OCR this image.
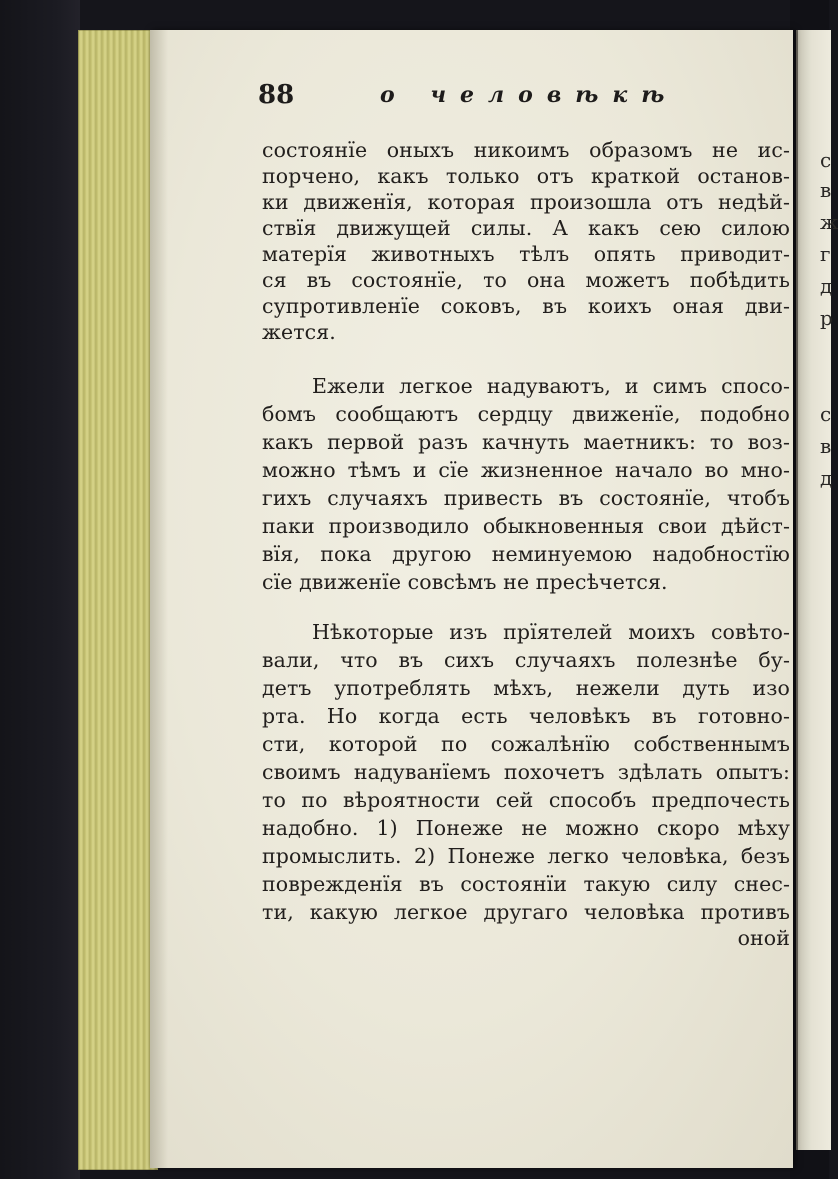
с
в
ж
г
д
р
с
в
д
88	о человѣкѣ
состоянїе оныхъ никоимъ образомъ не ис-
порчено, какъ только отъ краткой останов-
ки движенїя, которая произошла отъ недѣй-
ствїя движущей силы. А какъ сею силою
матерїя животныхъ тѣлъ опять приводит-
ся въ состоянїе, то она можетъ побѣдить
супротивленїе соковъ, въ коихъ оная дви-
жется.
Ежели легкое надуваютъ, и симъ спосо-
бомъ сообщаютъ сердцу движенїе, подобно
какъ первой разъ качнуть маетникъ: то воз-
можно тѣмъ и сїе жизненное начало во мно-
гихъ случаяхъ привесть въ состоянїе, чтобъ
паки производило обыкновенныя свои дѣйст-
вїя, пока другою неминуемою надобностїю
сїе движенїе совсѣмъ не пресѣчется.
Нѣкоторые изъ прїятелей моихъ совѣто-
вали, что въ сихъ случаяхъ полезнѣе бу-
детъ употреблять мѣхъ, нежели дуть изо
рта. Но когда есть человѣкъ въ готовно-
сти, которой по сожалѣнїю собственнымъ
своимъ надуванїемъ похочетъ здѣлать опытъ:
то по вѣроятности сей способъ предпочесть
надобно. 1) Понеже не можно скоро мѣху
промыслить. 2) Понеже легко человѣка, безъ
поврежденїя въ состоянїи такую силу снес-
ти, какую легкое другаго человѣка противъ
оной
